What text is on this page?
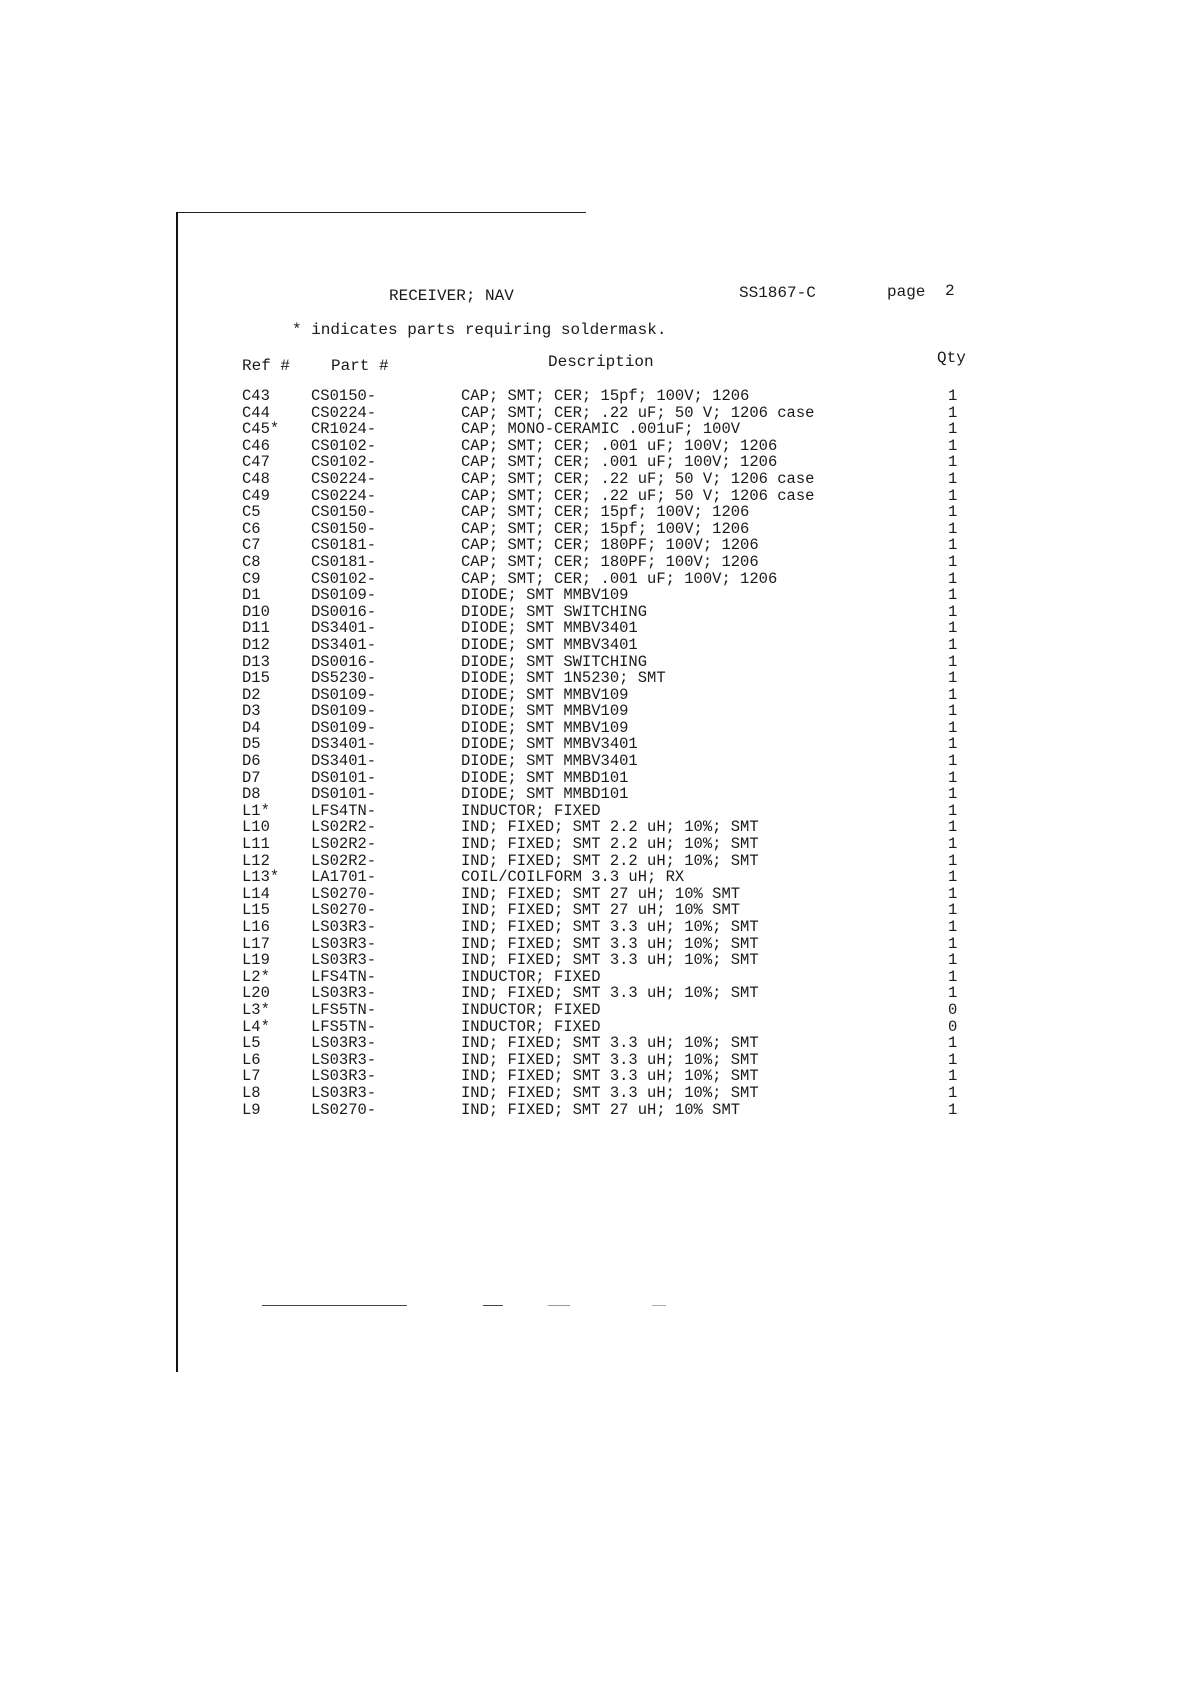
RECEIVER; NAV	SS1867-C	page 2
* indicates parts requiring soldermask.
Ref #	Part #	Description	Qty
C43	CS0150-	CAP; SMT; CER; 15pf; 100V; 1206	1
C44	CS0224-	CAP; SMT; CER; .22 uF; 50 V; 1206 case	1
C45* CR1024-	CAP; MONO-CERAMIC .001uF; 100V	1
C46	CS0102-	CAP; SMT; CER; .001 uF; 100V; 1206	1
C47	CS0102-	CAP; SMT; CER; .001 uF; 100V; 1206	1
C48	CS0224-	CAP; SMT; CER; .22 uF; 50 V; 1206 case	1
C49	CS0224-	CAP; SMT; CER; .22 uF; 50 V; 1206 case	1
C5	CS0150-	CAP; SMT; CER; 15pf; 100V; 1206	1
C6	CS0150-	CAP; SMT; CER; 15pf; 100V; 1206	1
C7	CS0181-	CAP; SMT; CER; 180PF; 100V; 1206	1
C8	CS0181-	CAP; SMT; CER; 180PF; 100V; 1206	1
C9	CS0102-	CAP; SMT; CER; .001 uF; 100V; 1206	1
D1	DS0109-	DIODE; SMT MMBV109	1
D10	DS0016-	DIODE; SMT SWITCHING	1
D11	DS3401-	DIODE; SMT MMBV3401	1
D12	DS3401-	DIODE; SMT MMBV3401	1
D13	DS0016-	DIODE; SMT SWITCHING	1
D15	DS5230-	DIODE; SMT 1N5230; SMT	1
D2	DS0109-	DIODE; SMT MMBV109	1
D3	DS0109-	DIODE; SMT MMBV109	1
D4	DS0109-	DIODE; SMT MMBV109	1
D5	DS3401-	DIODE; SMT MMBV3401	1
D6	DS3401-	DIODE; SMT MMBV3401	1
D7	DS0101-	DIODE; SMT MMBD101	1
D8	DS0101-	DIODE; SMT MMBD101	1
L1*	LFS4TN-	INDUCTOR; FIXED	1
L10	LS02R2-	IND; FIXED; SMT 2.2 uH; 10%; SMT	1
L11	LS02R2-	IND; FIXED; SMT 2.2 uH; 10%; SMT	1
L12	LS02R2-	IND; FIXED; SMT 2.2 uH; 10%; SMT	1
L13* LA1701-	COIL/COILFORM 3.3 uH; RX	1
L14	LS0270-	IND; FIXED; SMT 27 uH; 10% SMT	1
L15	LS0270-	IND; FIXED; SMT 27 uH; 10% SMT	1
L16	LS03R3-	IND; FIXED; SMT 3.3 uH; 10%; SMT	1
L17	LS03R3-	IND; FIXED; SMT 3.3 uH; 10%; SMT	1
L19	LS03R3-	IND; FIXED; SMT 3.3 uH; 10%; SMT	1
L2*	LFS4TN-	INDUCTOR; FIXED	1
L20	LS03R3-	IND; FIXED; SMT 3.3 uH; 10%; SMT	1
L3*	LFS5TN-	INDUCTOR; FIXED	0
L4*	LFS5TN-	INDUCTOR; FIXED	0
L5	LS03R3-	IND; FIXED; SMT 3.3 uH; 10%; SMT	1
L6	LS03R3-	IND; FIXED; SMT 3.3 uH; 10%; SMT	1
L7	LS03R3-	IND; FIXED; SMT 3.3 uH; 10%; SMT	1
L8	LS03R3-	IND; FIXED; SMT 3.3 uH; 10%; SMT	1
L9	LS0270-	IND; FIXED; SMT 27 uH; 10% SMT	1
